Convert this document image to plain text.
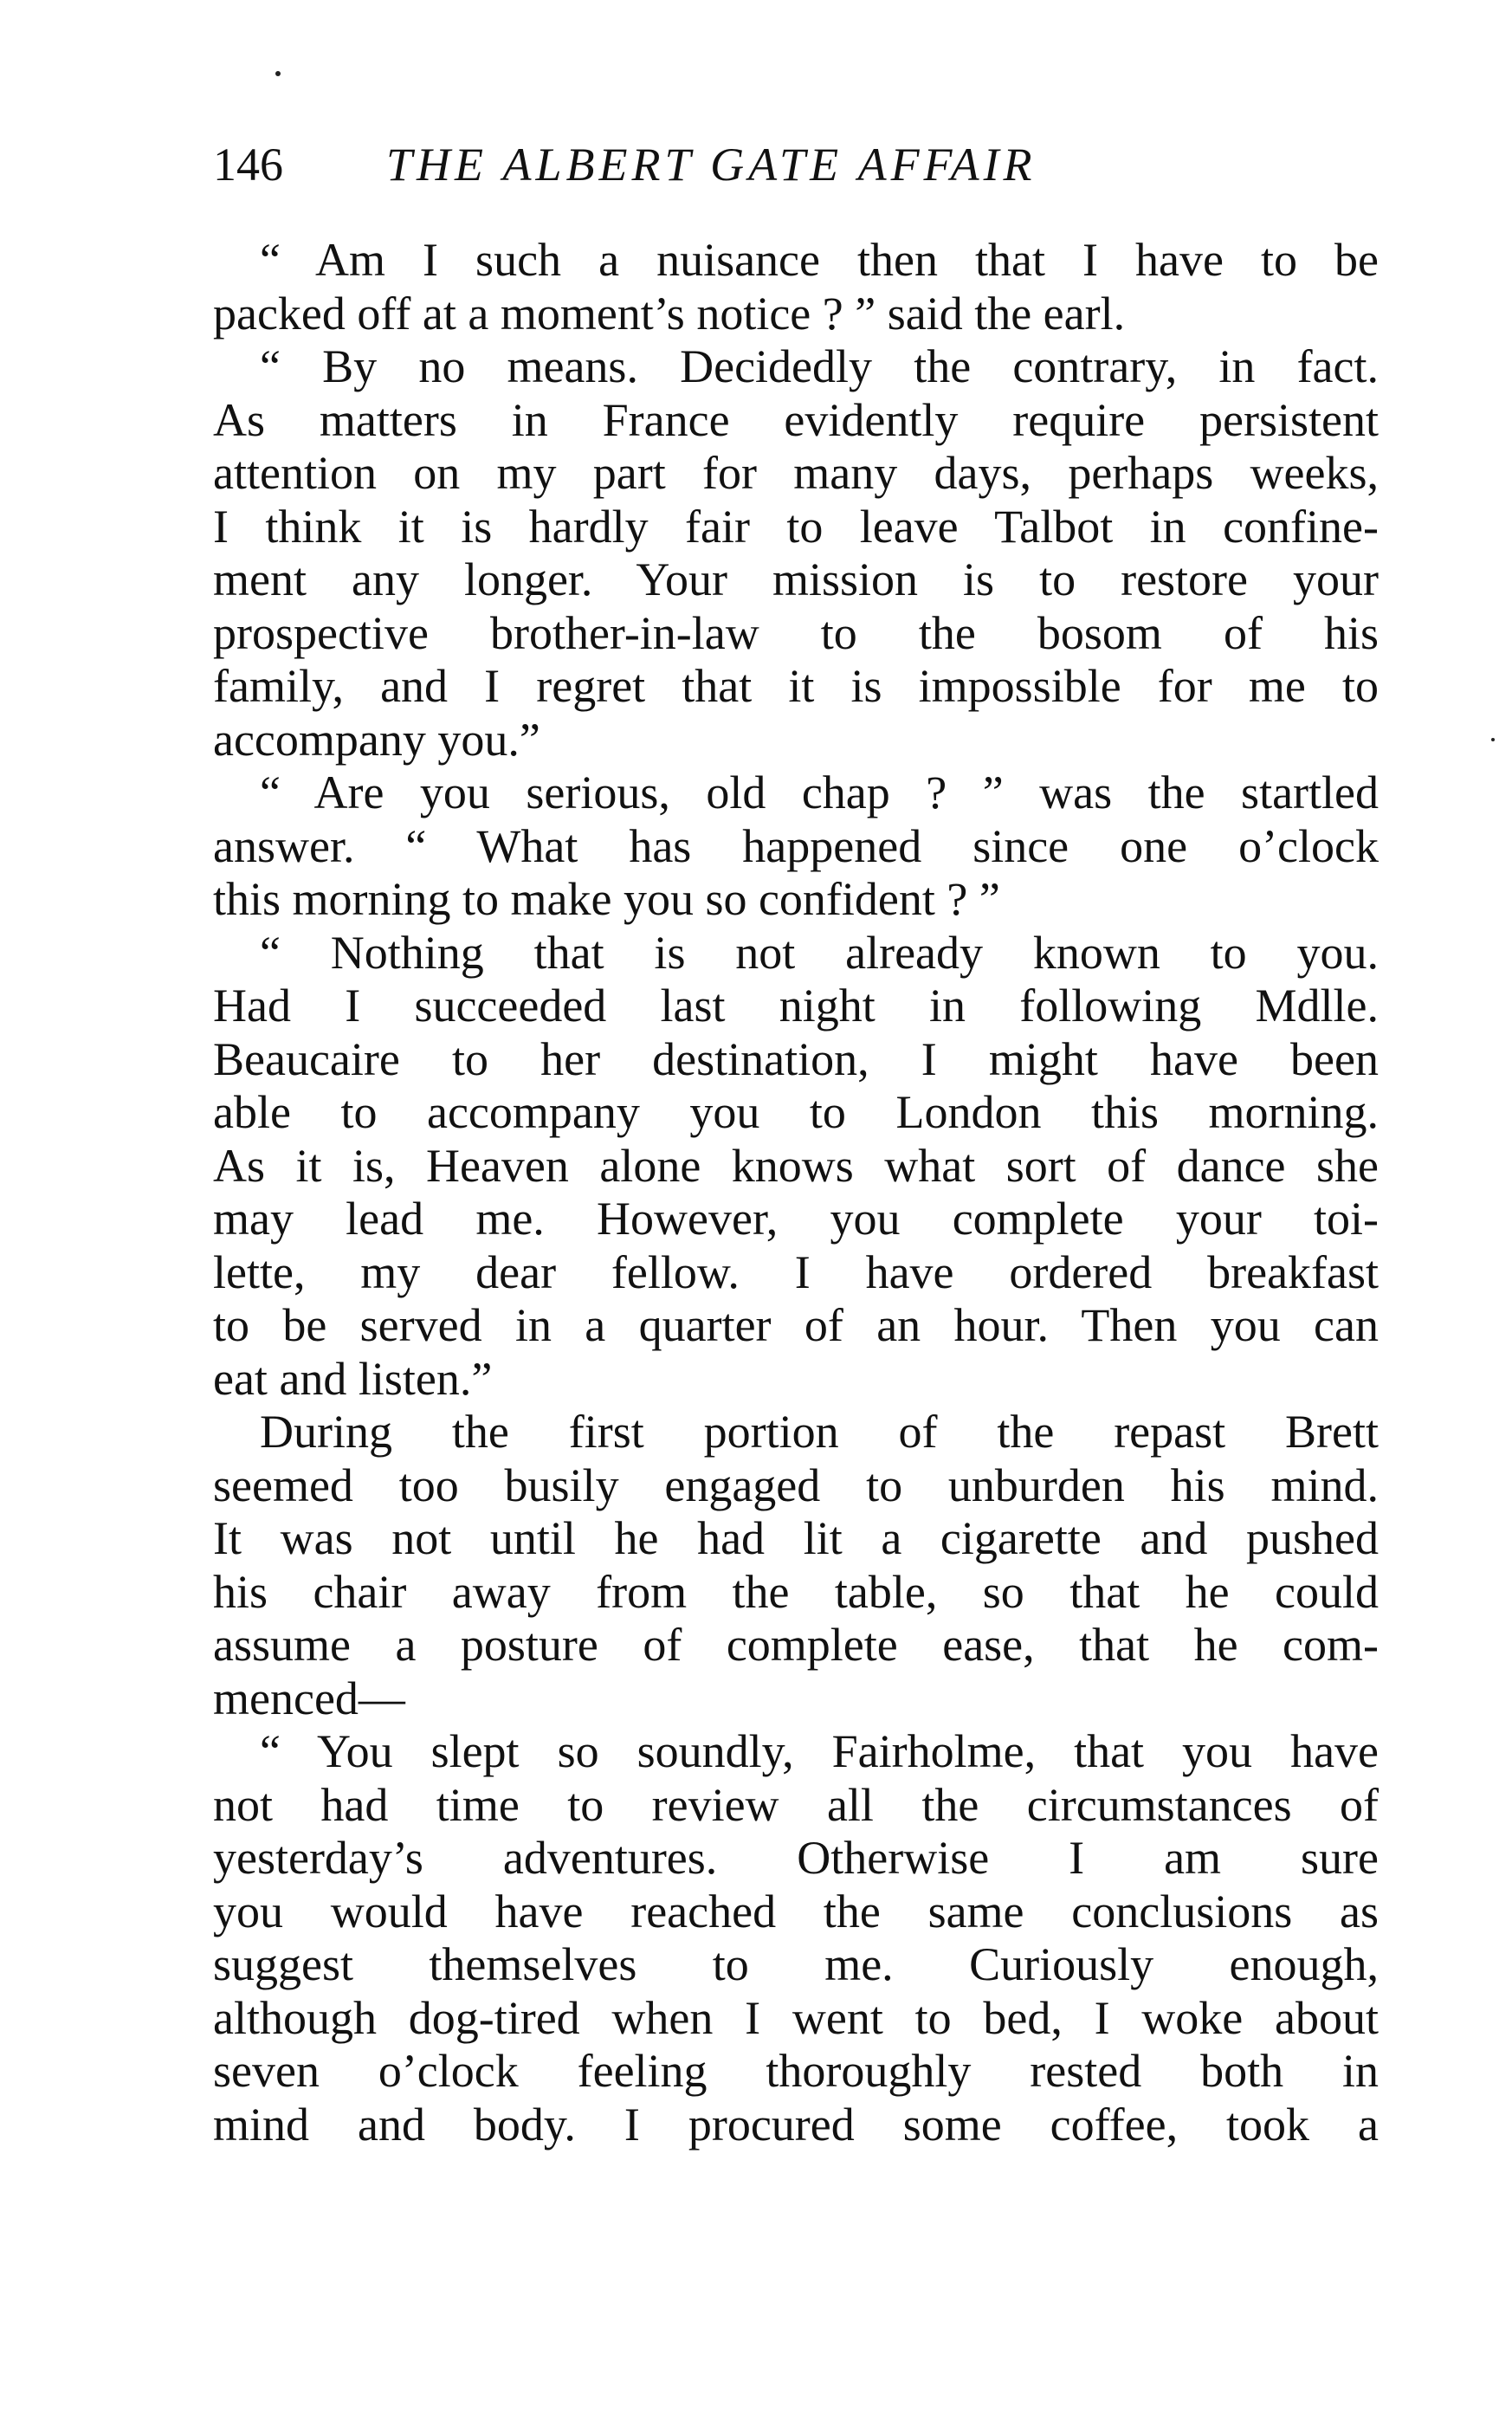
146 THE ALBERT GATE AFFAIR
“ Am I such a nuisance then that I have to be
packed off at a moment’s notice ? ” said the earl.
“ By no means. Decidedly the contrary, in fact.
As matters in France evidently require persistent
attention on my part for many days, perhaps weeks,
I think it is hardly fair to leave Talbot in confine-
ment any longer. Your mission is to restore your
prospective brother-in-law to the bosom of his
family, and I regret that it is impossible for me to
accompany you.”
“ Are you serious, old chap ? ” was the startled
answer. “ What has happened since one o’clock
this morning to make you so confident ? ”
“ Nothing that is not already known to you.
Had I succeeded last night in following Mdlle.
Beaucaire to her destination, I might have been
able to accompany you to London this morning.
As it is, Heaven alone knows what sort of dance she
may lead me. However, you complete your toi-
lette, my dear fellow. I have ordered breakfast
to be served in a quarter of an hour. Then you can
eat and listen.”
During the first portion of the repast Brett
seemed too busily engaged to unburden his mind.
It was not until he had lit a cigarette and pushed
his chair away from the table, so that he could
assume a posture of complete ease, that he com-
menced—
“ You slept so soundly, Fairholme, that you have
not had time to review all the circumstances of
yesterday’s adventures. Otherwise I am sure
you would have reached the same conclusions as
suggest themselves to me. Curiously enough,
although dog-tired when I went to bed, I woke about
seven o’clock feeling thoroughly rested both in
mind and body. I procured some coffee, took a
